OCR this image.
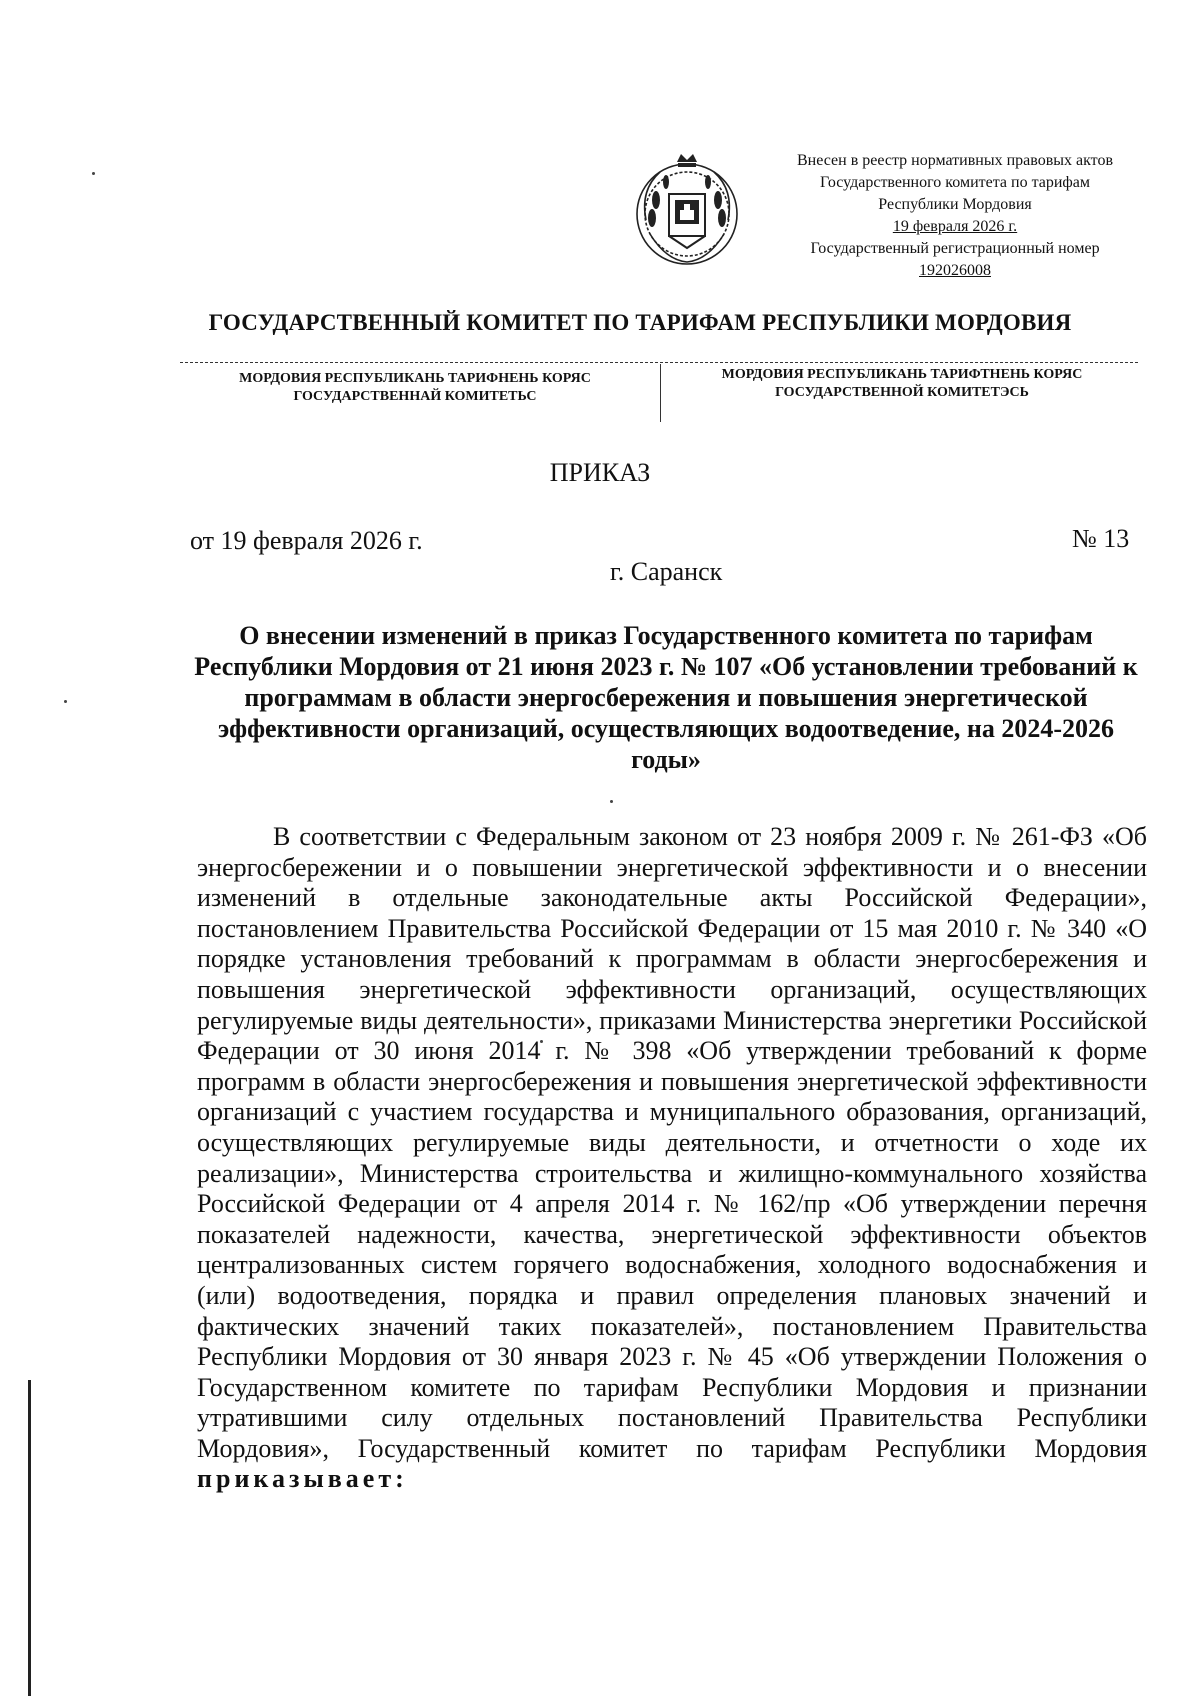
Внесен в реестр нормативных правовых актов
Государственного комитета по тарифам
Республики Мордовия
19 февраля 2026 г.
Государственный регистрационный номер
192026008
ГОСУДАРСТВЕННЫЙ КОМИТЕТ ПО ТАРИФАМ РЕСПУБЛИКИ МОРДОВИЯ
МОРДОВИЯ РЕСПУБЛИКАНЬ ТАРИФНЕНЬ КОРЯС
ГОСУДАРСТВЕННАЙ КОМИТЕТЬС
МОРДОВИЯ РЕСПУБЛИКАНЬ ТАРИФТНЕНЬ КОРЯС
ГОСУДАРСТВЕННОЙ КОМИТЕТЭСЬ
ПРИКАЗ
от 19 февраля 2026 г.	№ 13
г. Саранск
О внесении изменений в приказ Государственного комитета по тарифам Республики Мордовия от 21 июня 2023 г. № 107 «Об установлении требований к программам в области энергосбережения и повышения энергетической эффективности организаций, осуществляющих водоотведение, на 2024-2026 годы»
В соответствии с Федеральным законом от 23 ноября 2009 г. № 261-ФЗ «Об энергосбережении и о повышении энергетической эффективности и о внесении изменений в отдельные законодательные акты Российской Федерации», постановлением Правительства Российской Федерации от 15 мая 2010 г. № 340 «О порядке установления требований к программам в области энергосбережения и повышения энергетической эффективности организаций, осуществляющих регулируемые виды деятельности», приказами Министерства энергетики Российской Федерации от 30 июня 2014 г. № 398 «Об утверждении требований к форме программ в области энергосбережения и повышения энергетической эффективности организаций с участием государства и муниципального образования, организаций, осуществляющих регулируемые виды деятельности, и отчетности о ходе их реализации», Министерства строительства и жилищно-коммунального хозяйства Российской Федерации от 4 апреля 2014 г. № 162/пр «Об утверждении перечня показателей надежности, качества, энергетической эффективности объектов централизованных систем горячего водоснабжения, холодного водоснабжения и (или) водоотведения, порядка и правил определения плановых значений и фактических значений таких показателей», постановлением Правительства Республики Мордовия от 30 января 2023 г. № 45 «Об утверждении Положения о Государственном комитете по тарифам Республики Мордовия и признании утратившими силу отдельных постановлений Правительства Республики Мордовия», Государственный комитет по тарифам Республики Мордовия приказывает:
